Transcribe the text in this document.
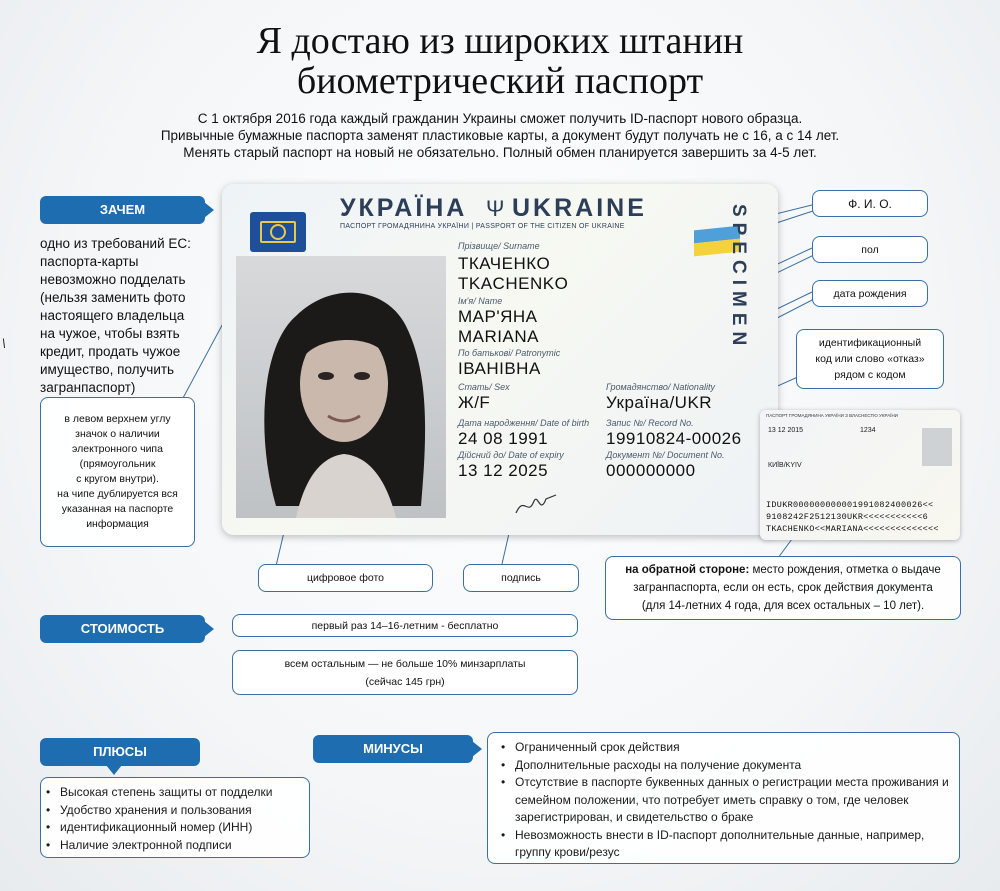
Я достаю из широких штанин
биометрический паспорт
С 1 октября 2016 года каждый гражданин Украины сможет получить ID-паспорт нового образца.
Привычные бумажные паспорта заменят пластиковые карты, а документ будут получать не с 16, а с 14 лет.
Менять старый паспорт на новый не обязательно. Полный обмен планируется завершить за 4-5 лет.
ЗАЧЕМ
одно из требований ЕС:
паспорта-карты
невозможно подделать
(нельзя заменить фото
настоящего владельца
на чужое, чтобы взять
кредит, продать чужое
имущество, получить
загранпаспорт)
\
в левом верхнем углу
значок о наличии
электронного чипа
(прямоугольник
с кругом внутри).
на чипе дублируется вся
указанная на паспорте
информация
УКРАЇНА Ψ UKRAINE
ПАСПОРТ ГРОМАДЯНИНА УКРАЇНИ | PASSPORT OF THE CITIZEN OF UKRAINE	SPECIMEN
Прізвище/ Surname
ТКАЧЕНКО
TKACHENKO
Ім'я/ Name
МАР'ЯНА
MARIANA
По батькові/ Patronymic
ІВАНІВНА
Стать/ Sex
Ж/F
Громадянство/ Nationality
Україна/UKR
Дата народження/ Date of birth
24 08 1991
Запис №/ Record No.
19910824-00026
Дійсний до/ Date of expiry
13 12 2025
Документ №/ Document No.
000000000
ПАСПОРТ ГРОМАДЯНИНА УКРАЇНИ З ВЛАСНЕСТЮ УКРАЇНИ
13 12 2015	1234
КИЇВ/KYIV
IDUKR000000000001991082400026<<
9108242F2512130UKR<<<<<<<<<<<6
TKACHENKO<<MARIANA<<<<<<<<<<<<<<
Ф. И. О.
пол
дата рождения
идентификационный
код или слово «отказ»
рядом с кодом
цифровое фото	подпись
на обратной стороне: место рождения, отметка о выдаче
загранпаспорта, если он есть, срок действия документа
(для 14-летних 4 года, для всех остальных – 10 лет).
СТОИМОСТЬ	первый раз 14–16-летним - бесплатно
всем остальным — не больше 10% минзарплаты
(сейчас 145 грн)
ПЛЮСЫ
• Высокая степень защиты от подделки
• Удобство хранения и пользования
• идентификационный номер (ИНН)
• Наличие электронной подписи
МИНУСЫ
•	Ограниченный срок действия
• Дополнительные расходы на получение документа
• Отсутствие в паспорте буквенных данных о регистрации места проживания и семейном положении, что потребует иметь справку о том, где человек зарегистрирован, и свидетельство о браке
• Невозможность внести в ID-паспорт дополнительные данные, например, группу крови/резус
